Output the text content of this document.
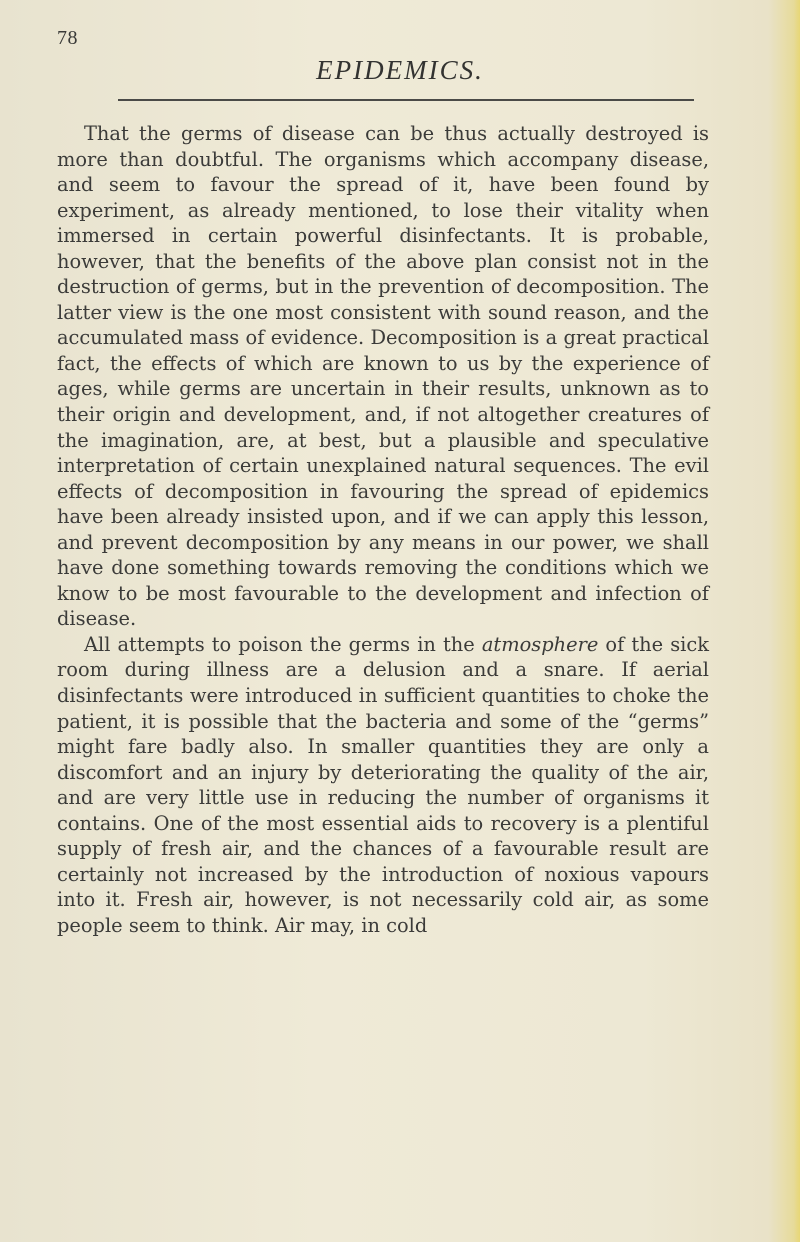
78
EPIDEMICS.

That the germs of disease can be thus actually destroyed is more than doubtful. The organisms which accompany disease, and seem to favour the spread of it, have been found by experiment, as already mentioned, to lose their vitality when immersed in certain powerful disinfectants. It is probable, however, that the benefits of the above plan consist not in the destruction of germs, but in the prevention of decomposition. The latter view is the one most consistent with sound reason, and the accumulated mass of evidence. Decomposition is a great practical fact, the effects of which are known to us by the experience of ages, while germs are uncertain in their results, unknown as to their origin and development, and, if not altogether creatures of the imagination, are, at best, but a plausible and speculative interpretation of certain unexplained natural sequences. The evil effects of decomposition in favouring the spread of epidemics have been already insisted upon, and if we can apply this lesson, and prevent decomposition by any means in our power, we shall have done something towards removing the conditions which we know to be most favourable to the development and infection of disease.

All attempts to poison the germs in the atmosphere of the sick room during illness are a delusion and a snare. If aerial disinfectants were introduced in sufficient quantities to choke the patient, it is possible that the bacteria and some of the “germs” might fare badly also. In smaller quantities they are only a discomfort and an injury by deteriorating the quality of the air, and are very little use in reducing the number of organisms it contains. One of the most essential aids to recovery is a plentiful supply of fresh air, and the chances of a favourable result are certainly not increased by the introduction of noxious vapours into it. Fresh air, however, is not necessarily cold air, as some people seem to think. Air may, in cold
